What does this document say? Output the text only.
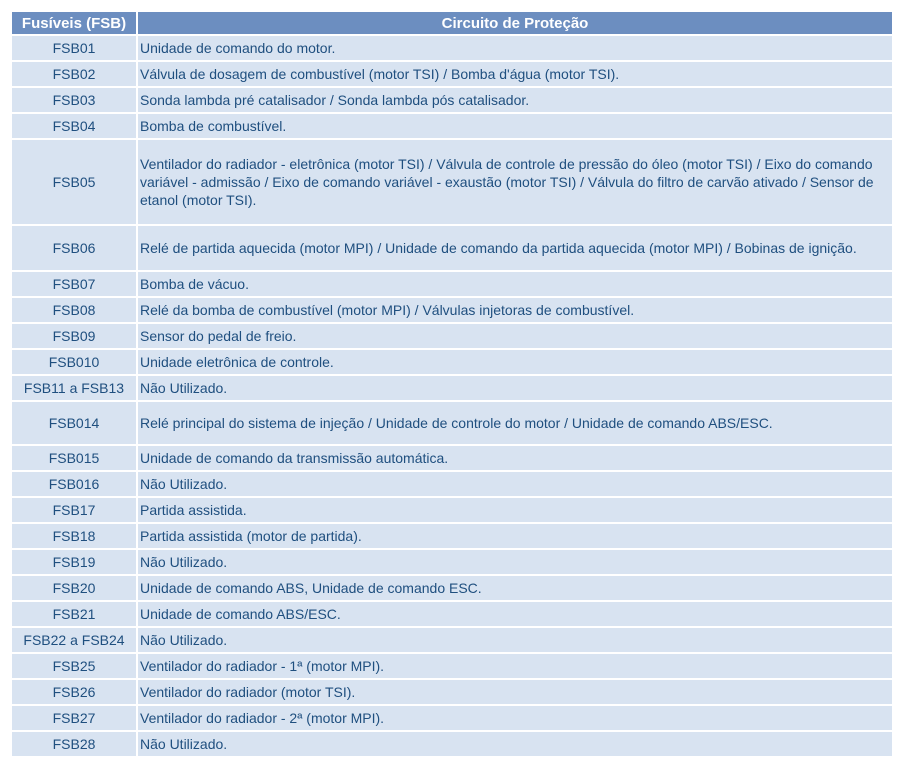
Fusíveis (FSB)	Circuito de Proteção
FSB01	Unidade de comando do motor.
FSB02	Válvula de dosagem de combustível (motor TSI) / Bomba d'água (motor TSI).
FSB03	Sonda lambda pré catalisador / Sonda lambda pós catalisador.
FSB04	Bomba de combustível.
FSB05	Ventilador do radiador - eletrônica (motor TSI) / Válvula de controle de pressão do óleo (motor TSI) / Eixo do comando variável - admissão / Eixo de comando variável - exaustão (motor TSI) / Válvula do filtro de carvão ativado / Sensor de etanol (motor TSI).
FSB06	Relé de partida aquecida (motor MPI) / Unidade de comando da partida aquecida (motor MPI) / Bobinas de ignição.
FSB07	Bomba de vácuo.
FSB08	Relé da bomba de combustível (motor MPI) / Válvulas injetoras de combustível.
FSB09	Sensor do pedal de freio.
FSB010	Unidade eletrônica de controle.
FSB11 a FSB13	Não Utilizado.
FSB014	Relé principal do sistema de injeção / Unidade de controle do motor / Unidade de comando ABS/ESC.
FSB015	Unidade de comando da transmissão automática.
FSB016	Não Utilizado.
FSB17	Partida assistida.
FSB18	Partida assistida (motor de partida).
FSB19	Não Utilizado.
FSB20	Unidade de comando ABS, Unidade de comando ESC.
FSB21	Unidade de comando ABS/ESC.
FSB22 a FSB24	Não Utilizado.
FSB25	Ventilador do radiador - 1ª (motor MPI).
FSB26	Ventilador do radiador (motor TSI).
FSB27	Ventilador do radiador - 2ª (motor MPI).
FSB28	Não Utilizado.
